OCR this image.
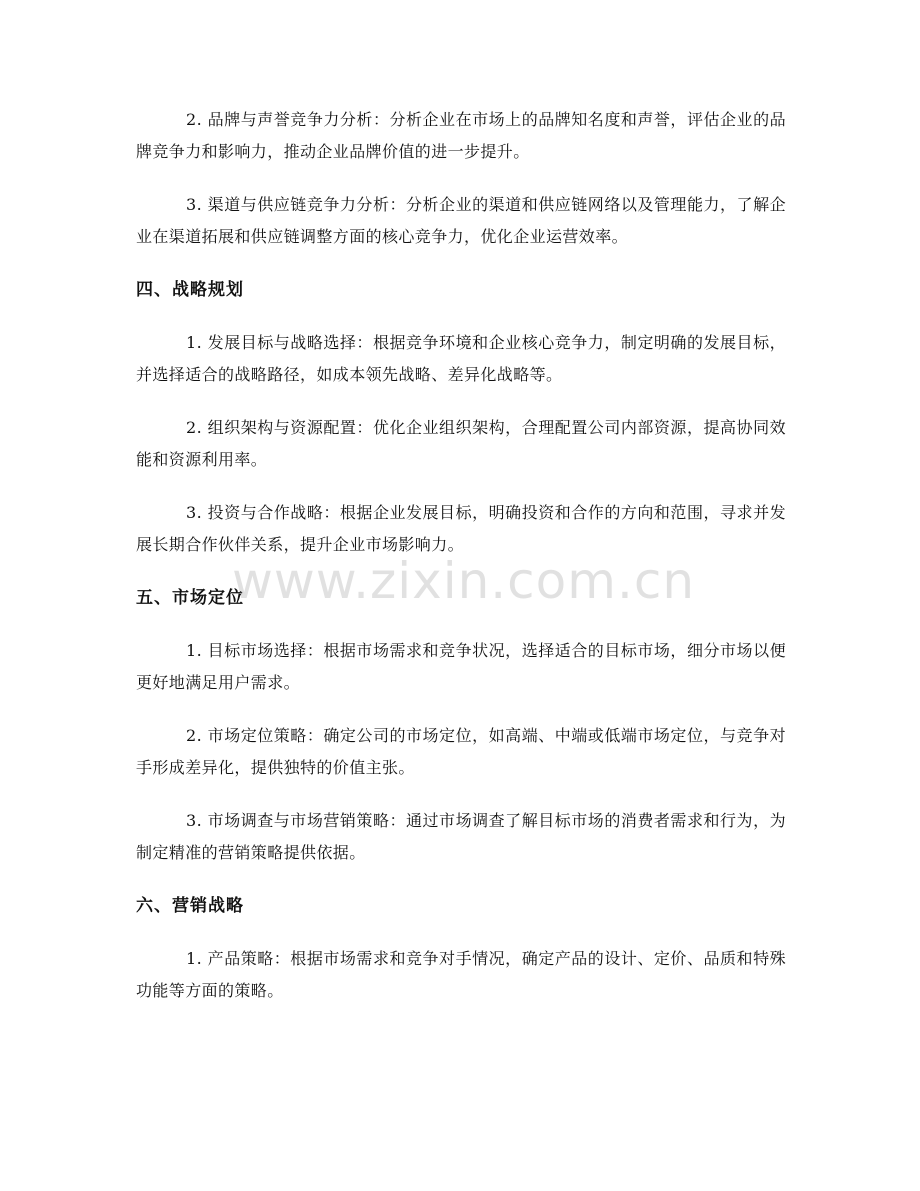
2. 品牌与声誉竞争力分析：分析企业在市场上的品牌知名度和声誉，评估企业的品牌竞争力和影响力，推动企业品牌价值的进一步提升。

3. 渠道与供应链竞争力分析：分析企业的渠道和供应链网络以及管理能力，了解企业在渠道拓展和供应链调整方面的核心竞争力，优化企业运营效率。

四、战略规划

1. 发展目标与战略选择：根据竞争环境和企业核心竞争力，制定明确的发展目标，并选择适合的战略路径，如成本领先战略、差异化战略等。

2. 组织架构与资源配置：优化企业组织架构，合理配置公司内部资源，提高协同效能和资源利用率。

3. 投资与合作战略：根据企业发展目标，明确投资和合作的方向和范围，寻求并发展长期合作伙伴关系，提升企业市场影响力。

五、市场定位

1. 目标市场选择：根据市场需求和竞争状况，选择适合的目标市场，细分市场以便更好地满足用户需求。

2. 市场定位策略：确定公司的市场定位，如高端、中端或低端市场定位，与竞争对手形成差异化，提供独特的价值主张。

3. 市场调查与市场营销策略：通过市场调查了解目标市场的消费者需求和行为，为制定精准的营销策略提供依据。

六、营销战略

1. 产品策略：根据市场需求和竞争对手情况，确定产品的设计、定价、品质和特殊功能等方面的策略。

www.zixin.com.cn
